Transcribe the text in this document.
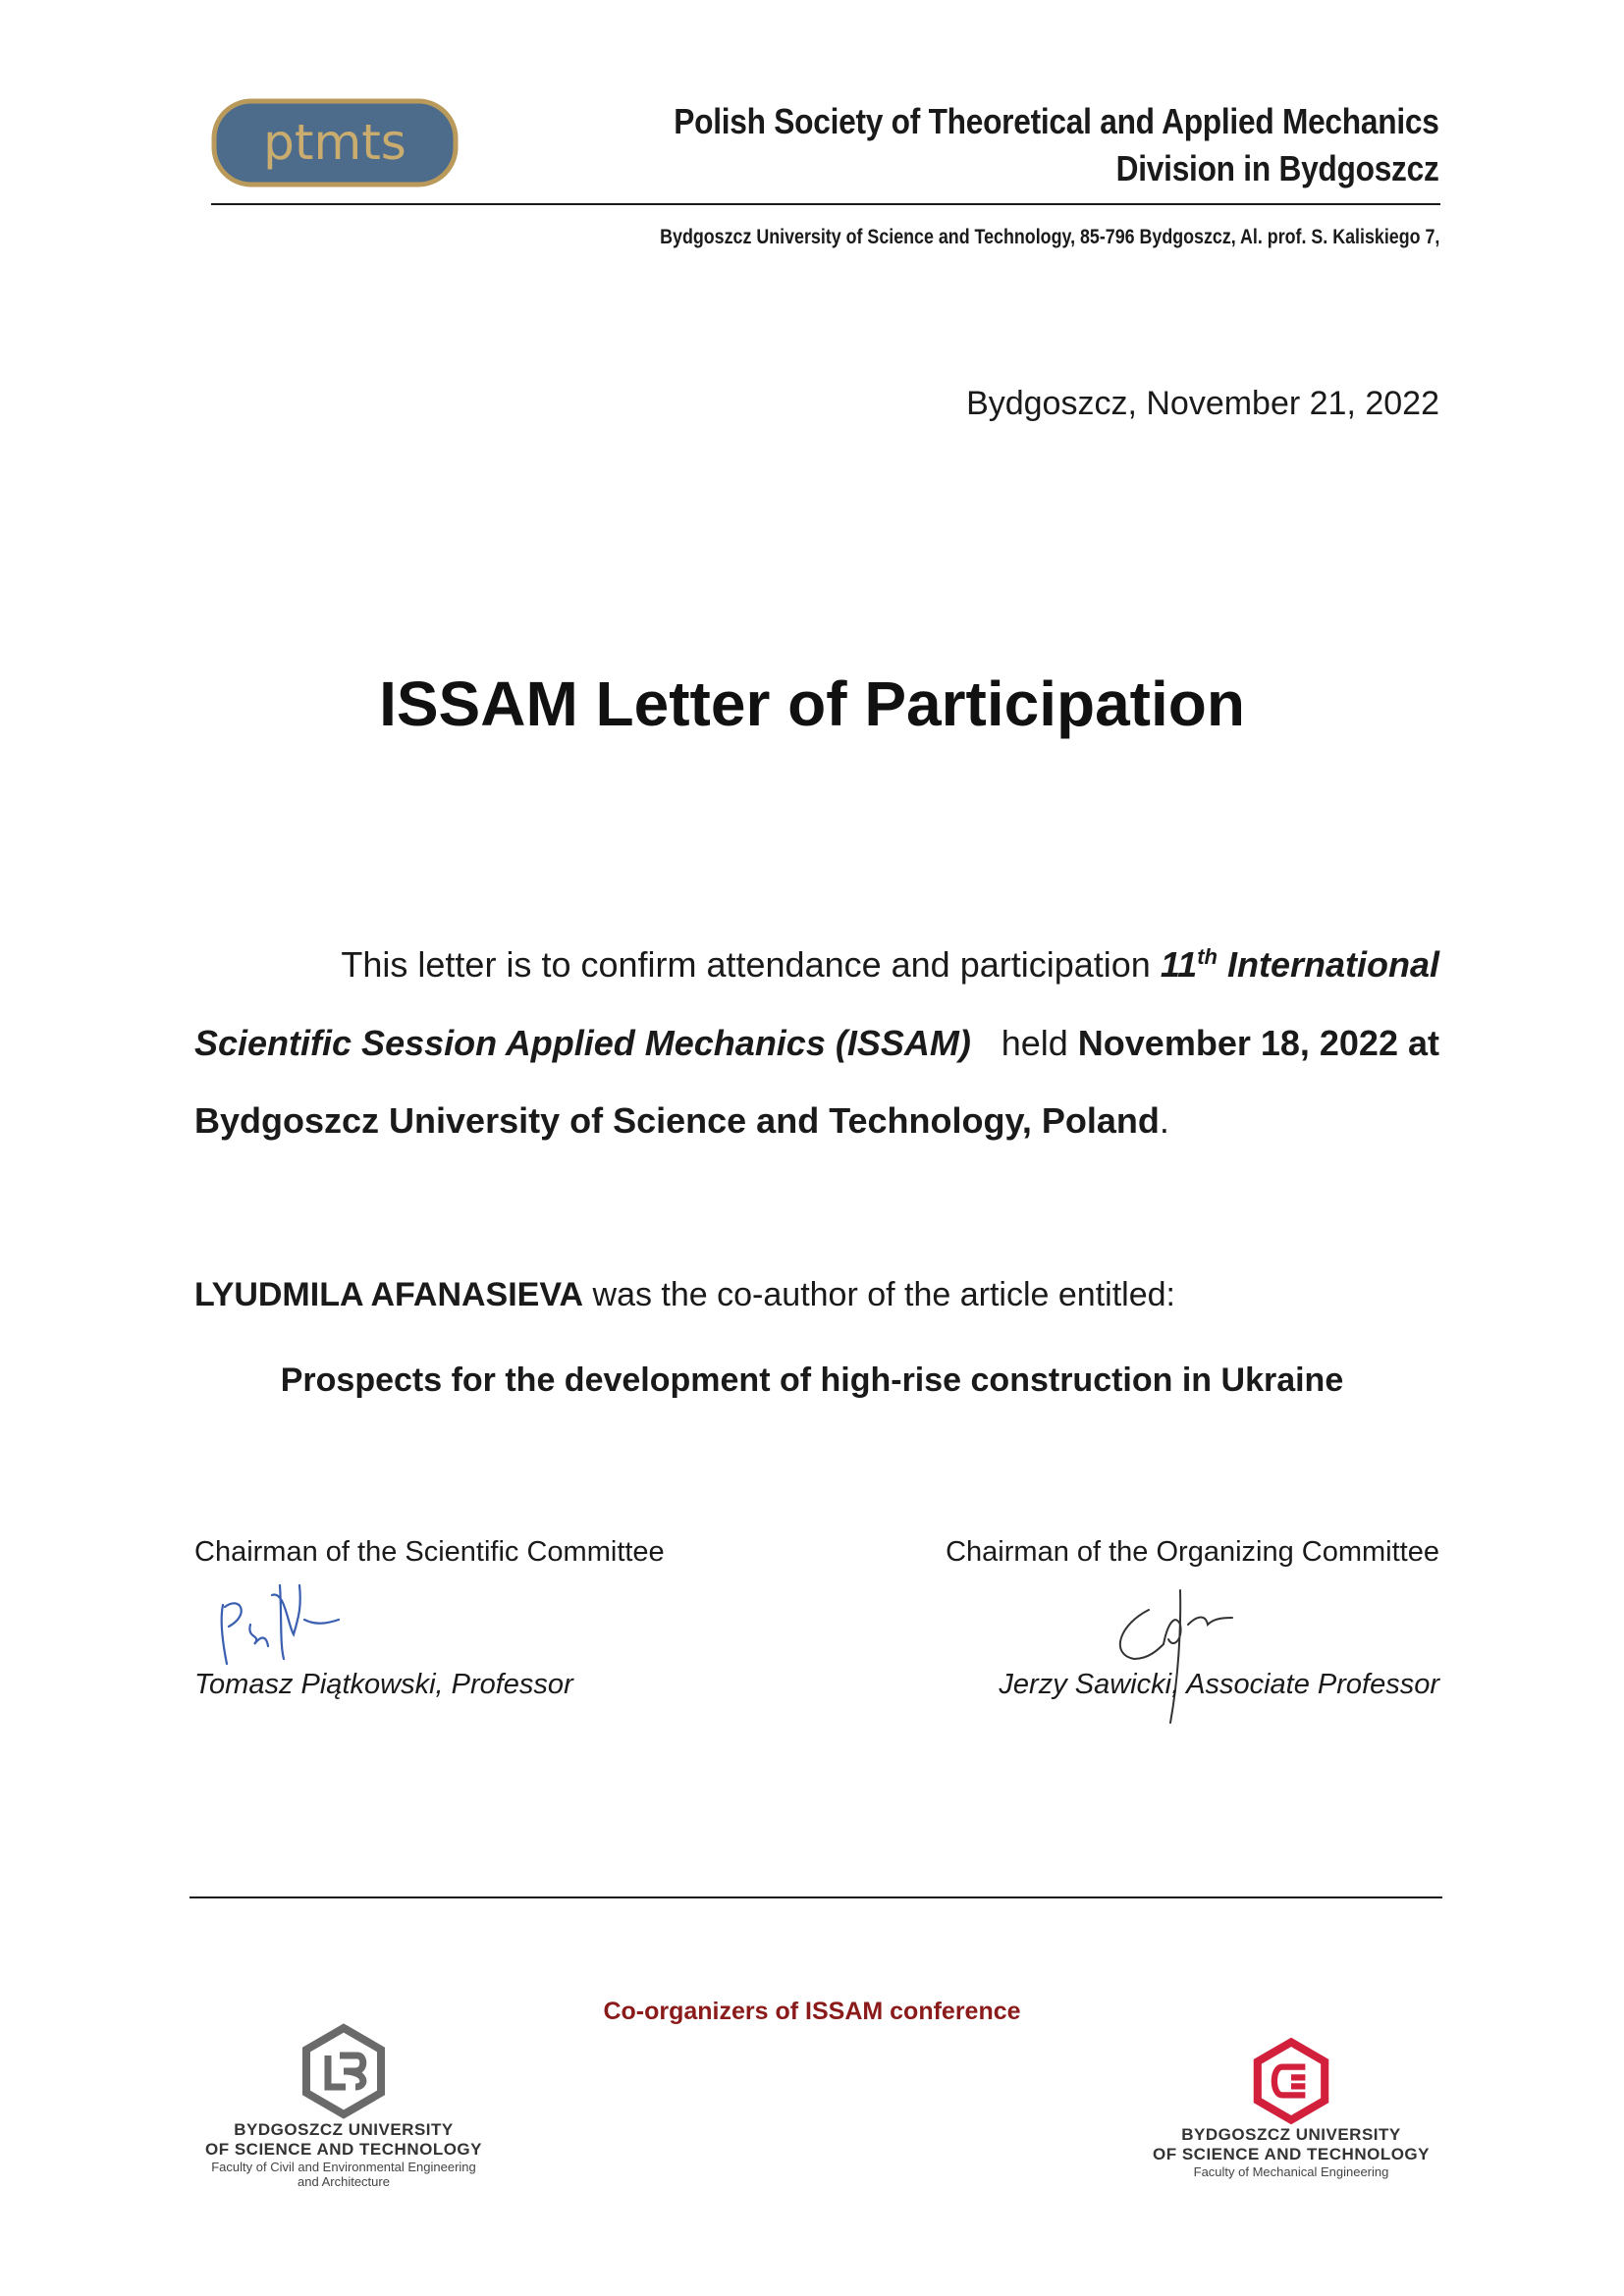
ptmts	Polish Society of Theoretical and Applied Mechanics
Division in Bydgoszcz
Bydgoszcz University of Science and Technology, 85-796 Bydgoszcz, Al. prof. S. Kaliskiego 7,
Bydgoszcz, November 21, 2022
ISSAM Letter of Participation
This letter is to confirm attendance and participation 11th International
Scientific Session Applied Mechanics (ISSAM) held November 18, 2022 at
Bydgoszcz University of Science and Technology, Poland.
LYUDMILA AFANASIEVA was the co-author of the article entitled:
Prospects for the development of high-rise construction in Ukraine
Chairman of the Scientific Committee	Chairman of the Organizing Committee
Tomasz Piątkowski, Professor	Jerzy Sawicki, Associate Professor
Co-organizers of ISSAM conference
BYDGOSZCZ UNIVERSITY
OF SCIENCE AND TECHNOLOGY
Faculty of Civil and Environmental Engineering
and Architecture
BYDGOSZCZ UNIVERSITY
OF SCIENCE AND TECHNOLOGY
Faculty of Mechanical Engineering
